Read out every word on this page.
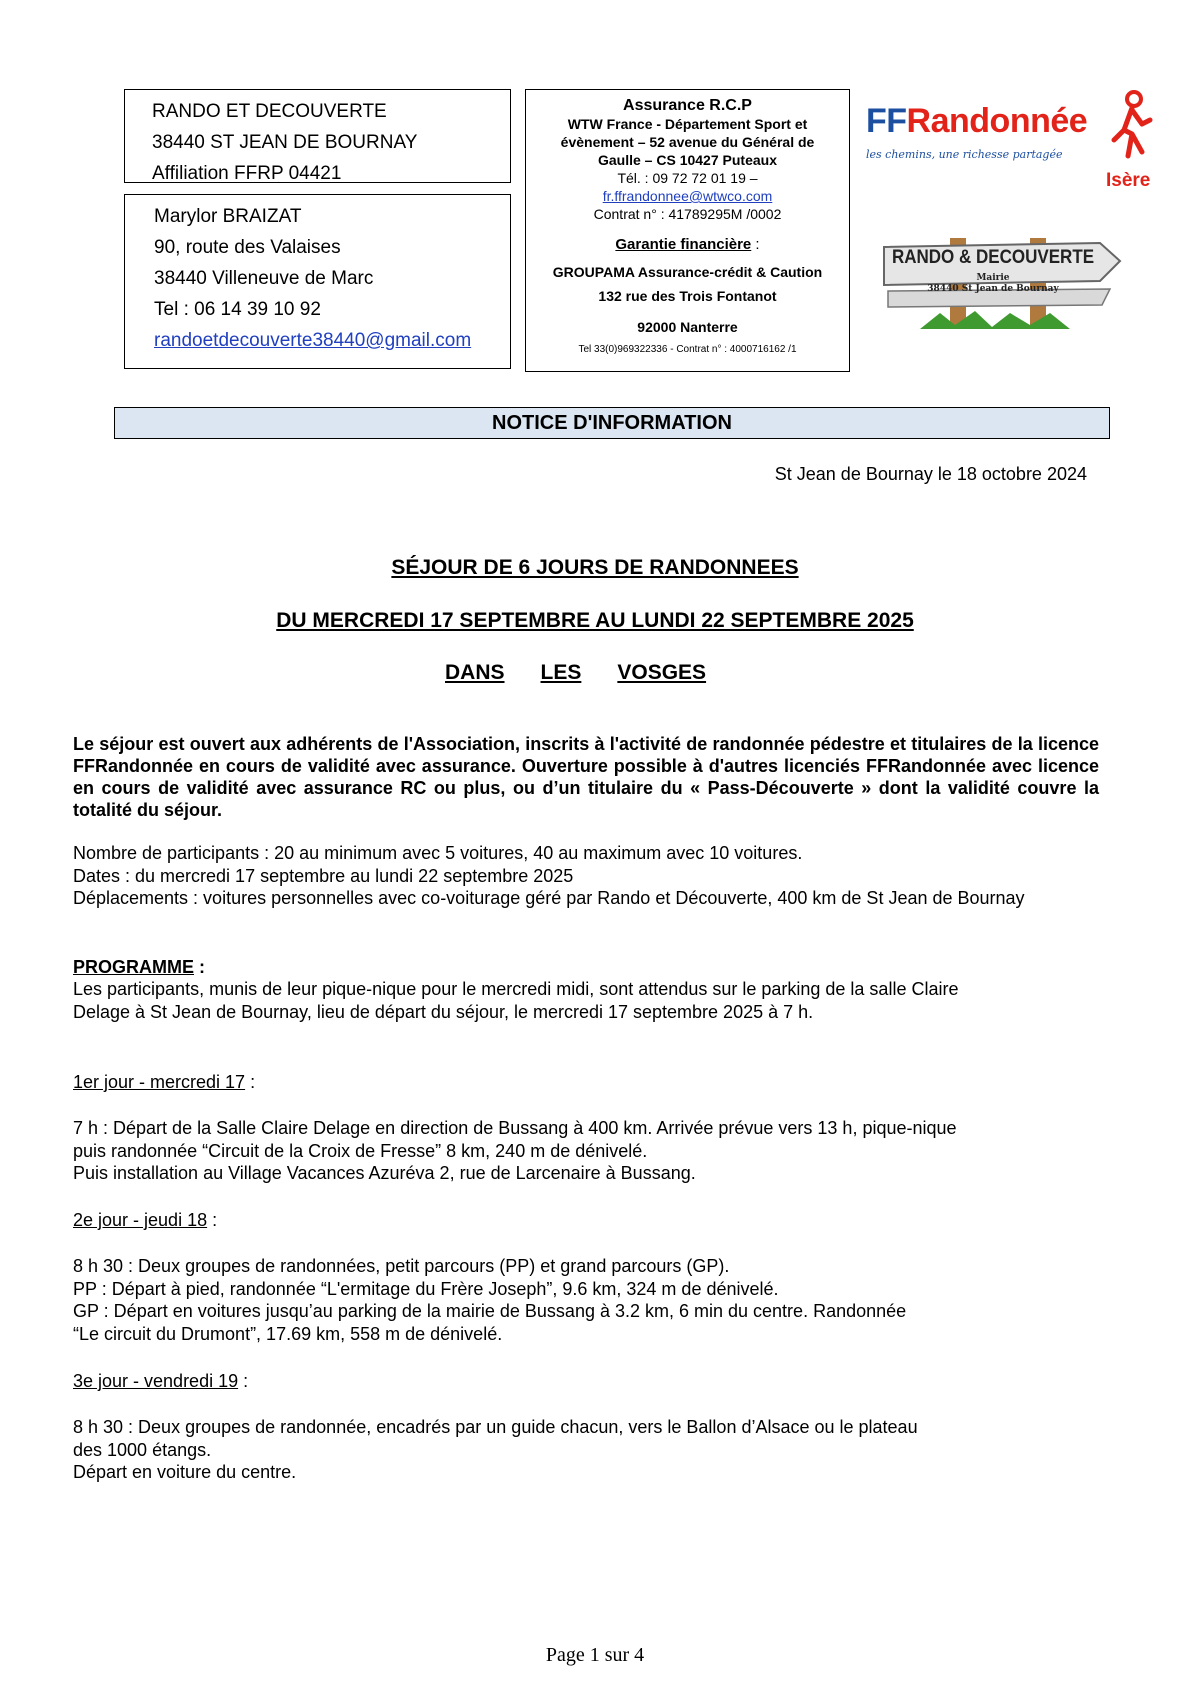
RANDO ET DECOUVERTE
38440 ST JEAN DE BOURNAY
Affiliation FFRP 04421
Marylor BRAIZAT
90, route des Valaises
38440 Villeneuve de Marc
Tel : 06 14 39 10 92
randoetdecouverte38440@gmail.com
Assurance R.C.P
WTW France - Département Sport et
évènement – 52 avenue du Général de
Gaulle – CS 10427 Puteaux
Tél. : 09 72 72 01 19 –
fr.ffrandonnee@wtwco.com
Contrat n° : 41789295M /0002
Garantie financière :
GROUPAMA Assurance-crédit & Caution
132 rue des Trois Fontanot
92000 Nanterre
Tel 33(0)969322336 - Contrat n° : 4000716162 /1
FFRandonnée
les chemins, une richesse partagée
Isère
RANDO & DECOUVERTE
Mairie
38440 St Jean de Bournay
NOTICE D'INFORMATION
St Jean de Bournay le 18 octobre 2024
SÉJOUR DE 6 JOURS DE RANDONNEES
DU MERCREDI 17 SEPTEMBRE AU LUNDI 22 SEPTEMBRE 2025
DANS LES VOSGES

Le séjour est ouvert aux adhérents de l'Association, inscrits à l'activité de randonnée pédestre et titulaires de la licence FFRandonnée en cours de validité avec assurance. Ouverture possible à d'autres licenciés FFRandonnée avec licence en cours de validité avec assurance RC ou plus, ou d’un titulaire du « Pass-Découverte » dont la validité couvre la totalité du séjour.

Nombre de participants : 20 au minimum avec 5 voitures, 40 au maximum avec 10 voitures.
Dates : du mercredi 17 septembre au lundi 22 septembre 2025
Déplacements : voitures personnelles avec co-voiturage géré par Rando et Découverte, 400 km de St Jean de Bournay
PROGRAMME :
Les participants, munis de leur pique-nique pour le mercredi midi, sont attendus sur le parking de la salle Claire
Delage à St Jean de Bournay, lieu de départ du séjour, le mercredi 17 septembre 2025 à 7 h.
1er jour - mercredi 17 :
7 h : Départ de la Salle Claire Delage en direction de Bussang à 400 km. Arrivée prévue vers 13 h, pique-nique
puis randonnée “Circuit de la Croix de Fresse” 8 km, 240 m de dénivelé.
Puis installation au Village Vacances Azuréva 2, rue de Larcenaire à Bussang.
2e jour - jeudi 18 :
8 h 30 : Deux groupes de randonnées, petit parcours (PP) et grand parcours (GP).
PP : Départ à pied, randonnée “L'ermitage du Frère Joseph”, 9.6 km, 324 m de dénivelé.
GP : Départ en voitures jusqu’au parking de la mairie de Bussang à 3.2 km, 6 min du centre. Randonnée
“Le circuit du Drumont”, 17.69 km, 558 m de dénivelé.
3e jour - vendredi 19 :
8 h 30 : Deux groupes de randonnée, encadrés par un guide chacun, vers le Ballon d’Alsace ou le plateau
des 1000 étangs.
Départ en voiture du centre.
Page 1 sur 4
